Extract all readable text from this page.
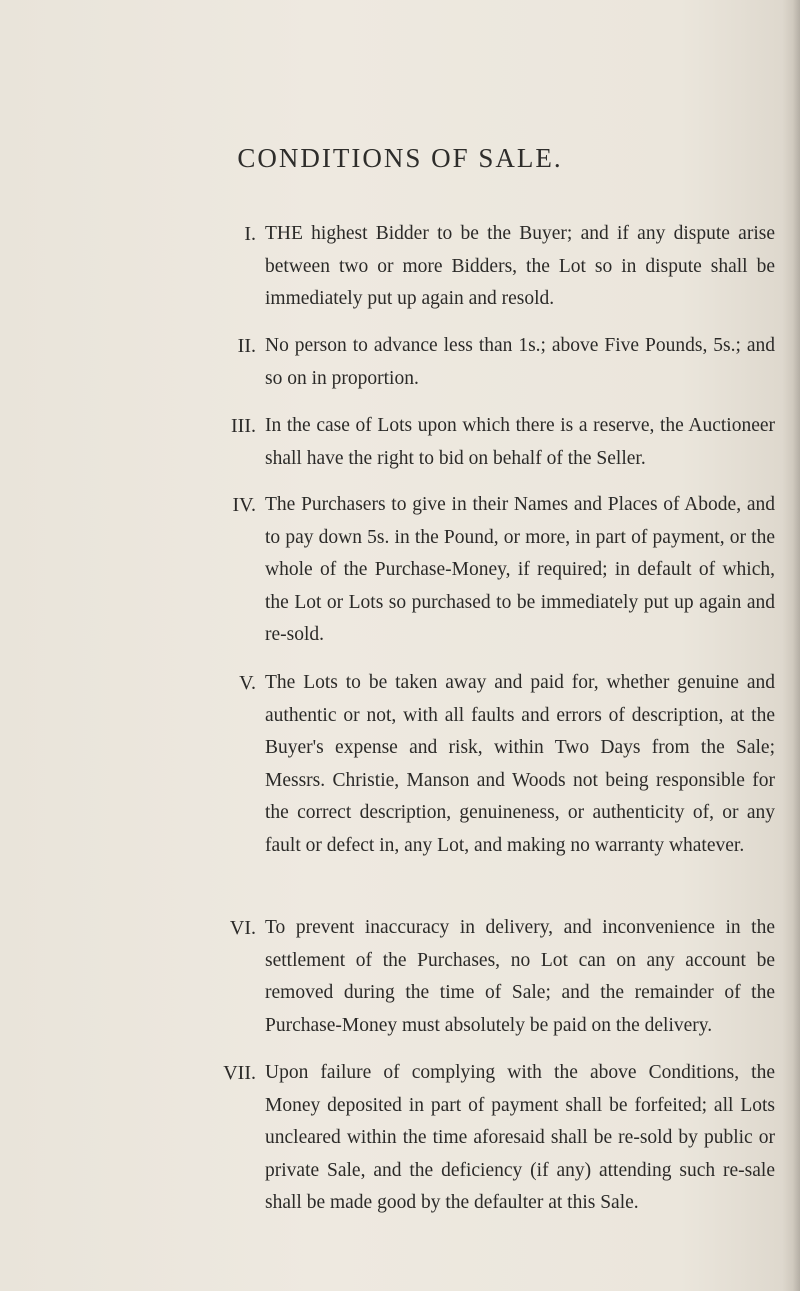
CONDITIONS OF SALE.
I. THE highest Bidder to be the Buyer; and if any dispute arise between two or more Bidders, the Lot so in dispute shall be immediately put up again and resold.
II. No person to advance less than 1s.; above Five Pounds, 5s.; and so on in proportion.
III. In the case of Lots upon which there is a reserve, the Auctioneer shall have the right to bid on behalf of the Seller.
IV. The Purchasers to give in their Names and Places of Abode, and to pay down 5s. in the Pound, or more, in part of payment, or the whole of the Purchase-Money, if required; in default of which, the Lot or Lots so purchased to be immediately put up again and re-sold.
V. The Lots to be taken away and paid for, whether genuine and authentic or not, with all faults and errors of description, at the Buyer's expense and risk, within Two Days from the Sale; Messrs. Christie, Manson and Woods not being responsible for the correct description, genuineness, or authenticity of, or any fault or defect in, any Lot, and making no warranty whatever.
VI. To prevent inaccuracy in delivery, and inconvenience in the settlement of the Purchases, no Lot can on any account be removed during the time of Sale; and the remainder of the Purchase-Money must absolutely be paid on the delivery.
VII. Upon failure of complying with the above Conditions, the Money deposited in part of payment shall be forfeited; all Lots uncleared within the time aforesaid shall be re-sold by public or private Sale, and the deficiency (if any) attending such re-sale shall be made good by the defaulter at this Sale.
